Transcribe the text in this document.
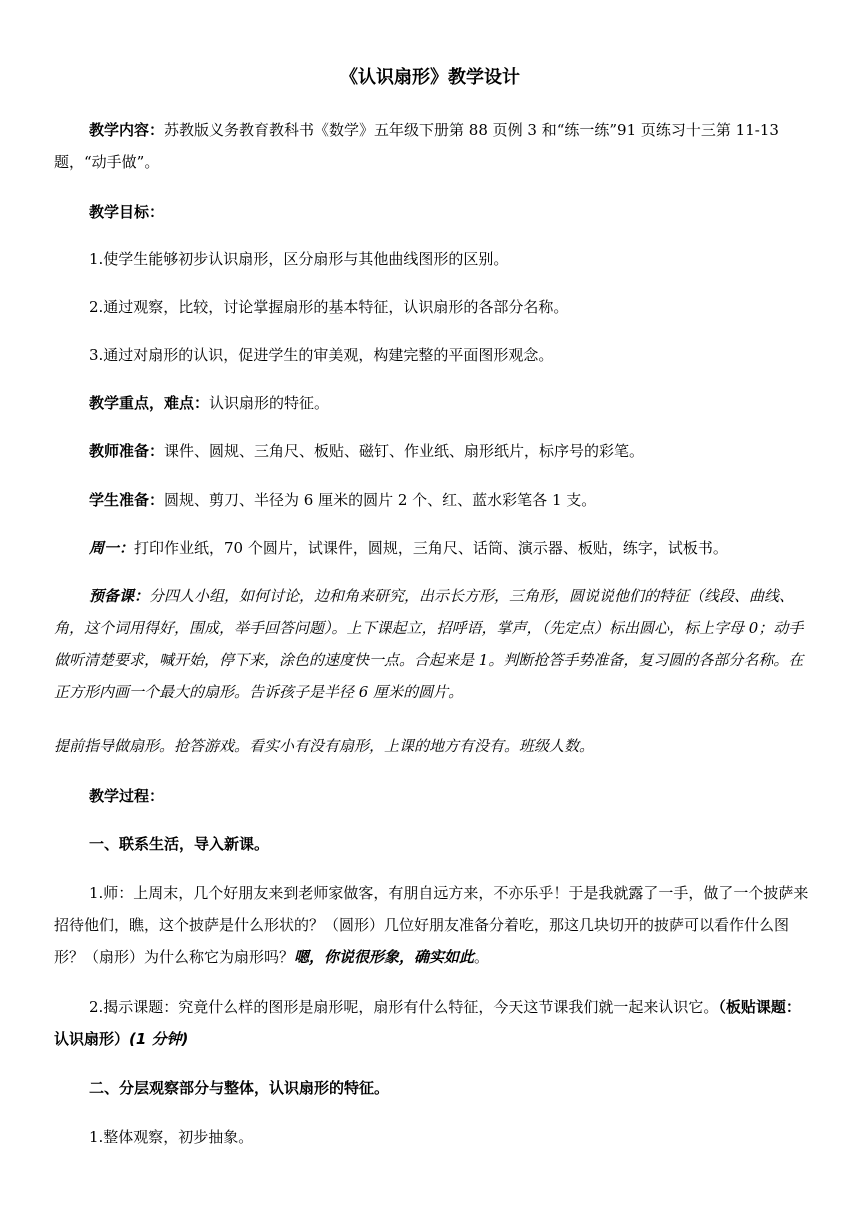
《认识扇形》教学设计
教学内容：苏教版义务教育教科书《数学》五年级下册第 88 页例 3 和“练一练”91 页练习十三第 11-13 题，“动手做”。
教学目标：
1.使学生能够初步认识扇形，区分扇形与其他曲线图形的区别。
2.通过观察，比较，讨论掌握扇形的基本特征，认识扇形的各部分名称。
3.通过对扇形的认识，促进学生的审美观，构建完整的平面图形观念。
教学重点，难点：认识扇形的特征。
教师准备：课件、圆规、三角尺、板贴、磁钉、作业纸、扇形纸片，标序号的彩笔。
学生准备：圆规、剪刀、半径为 6 厘米的圆片 2 个、红、蓝水彩笔各 1 支。
周一：打印作业纸，70 个圆片，试课件，圆规，三角尺、话筒、演示器、板贴，练字，试板书。
预备课：分四人小组，如何讨论，边和角来研究，出示长方形，三角形，圆说说他们的特征（线段、曲线、角，这个词用得好，围成，举手回答问题）。上下课起立，招呼语，掌声，（先定点）标出圆心，标上字母 0；动手做听清楚要求，喊开始，停下来，涂色的速度快一点。合起来是 1。判断抢答手势准备，复习圆的各部分名称。在正方形内画一个最大的扇形。告诉孩子是半径 6 厘米的圆片。
提前指导做扇形。抢答游戏。看实小有没有扇形，上课的地方有没有。班级人数。
教学过程：
一、联系生活，导入新课。
1.师：上周末，几个好朋友来到老师家做客，有朋自远方来，不亦乐乎！于是我就露了一手，做了一个披萨来招待他们，瞧，这个披萨是什么形状的？（圆形）几位好朋友准备分着吃，那这几块切开的披萨可以看作什么图形？（扇形）为什么称它为扇形吗？嗯，你说很形象，确实如此。
2.揭示课题：究竟什么样的图形是扇形呢，扇形有什么特征，今天这节课我们就一起来认识它。（板贴课题：认识扇形）(1 分钟)
二、分层观察部分与整体，认识扇形的特征。
1.整体观察，初步抽象。
